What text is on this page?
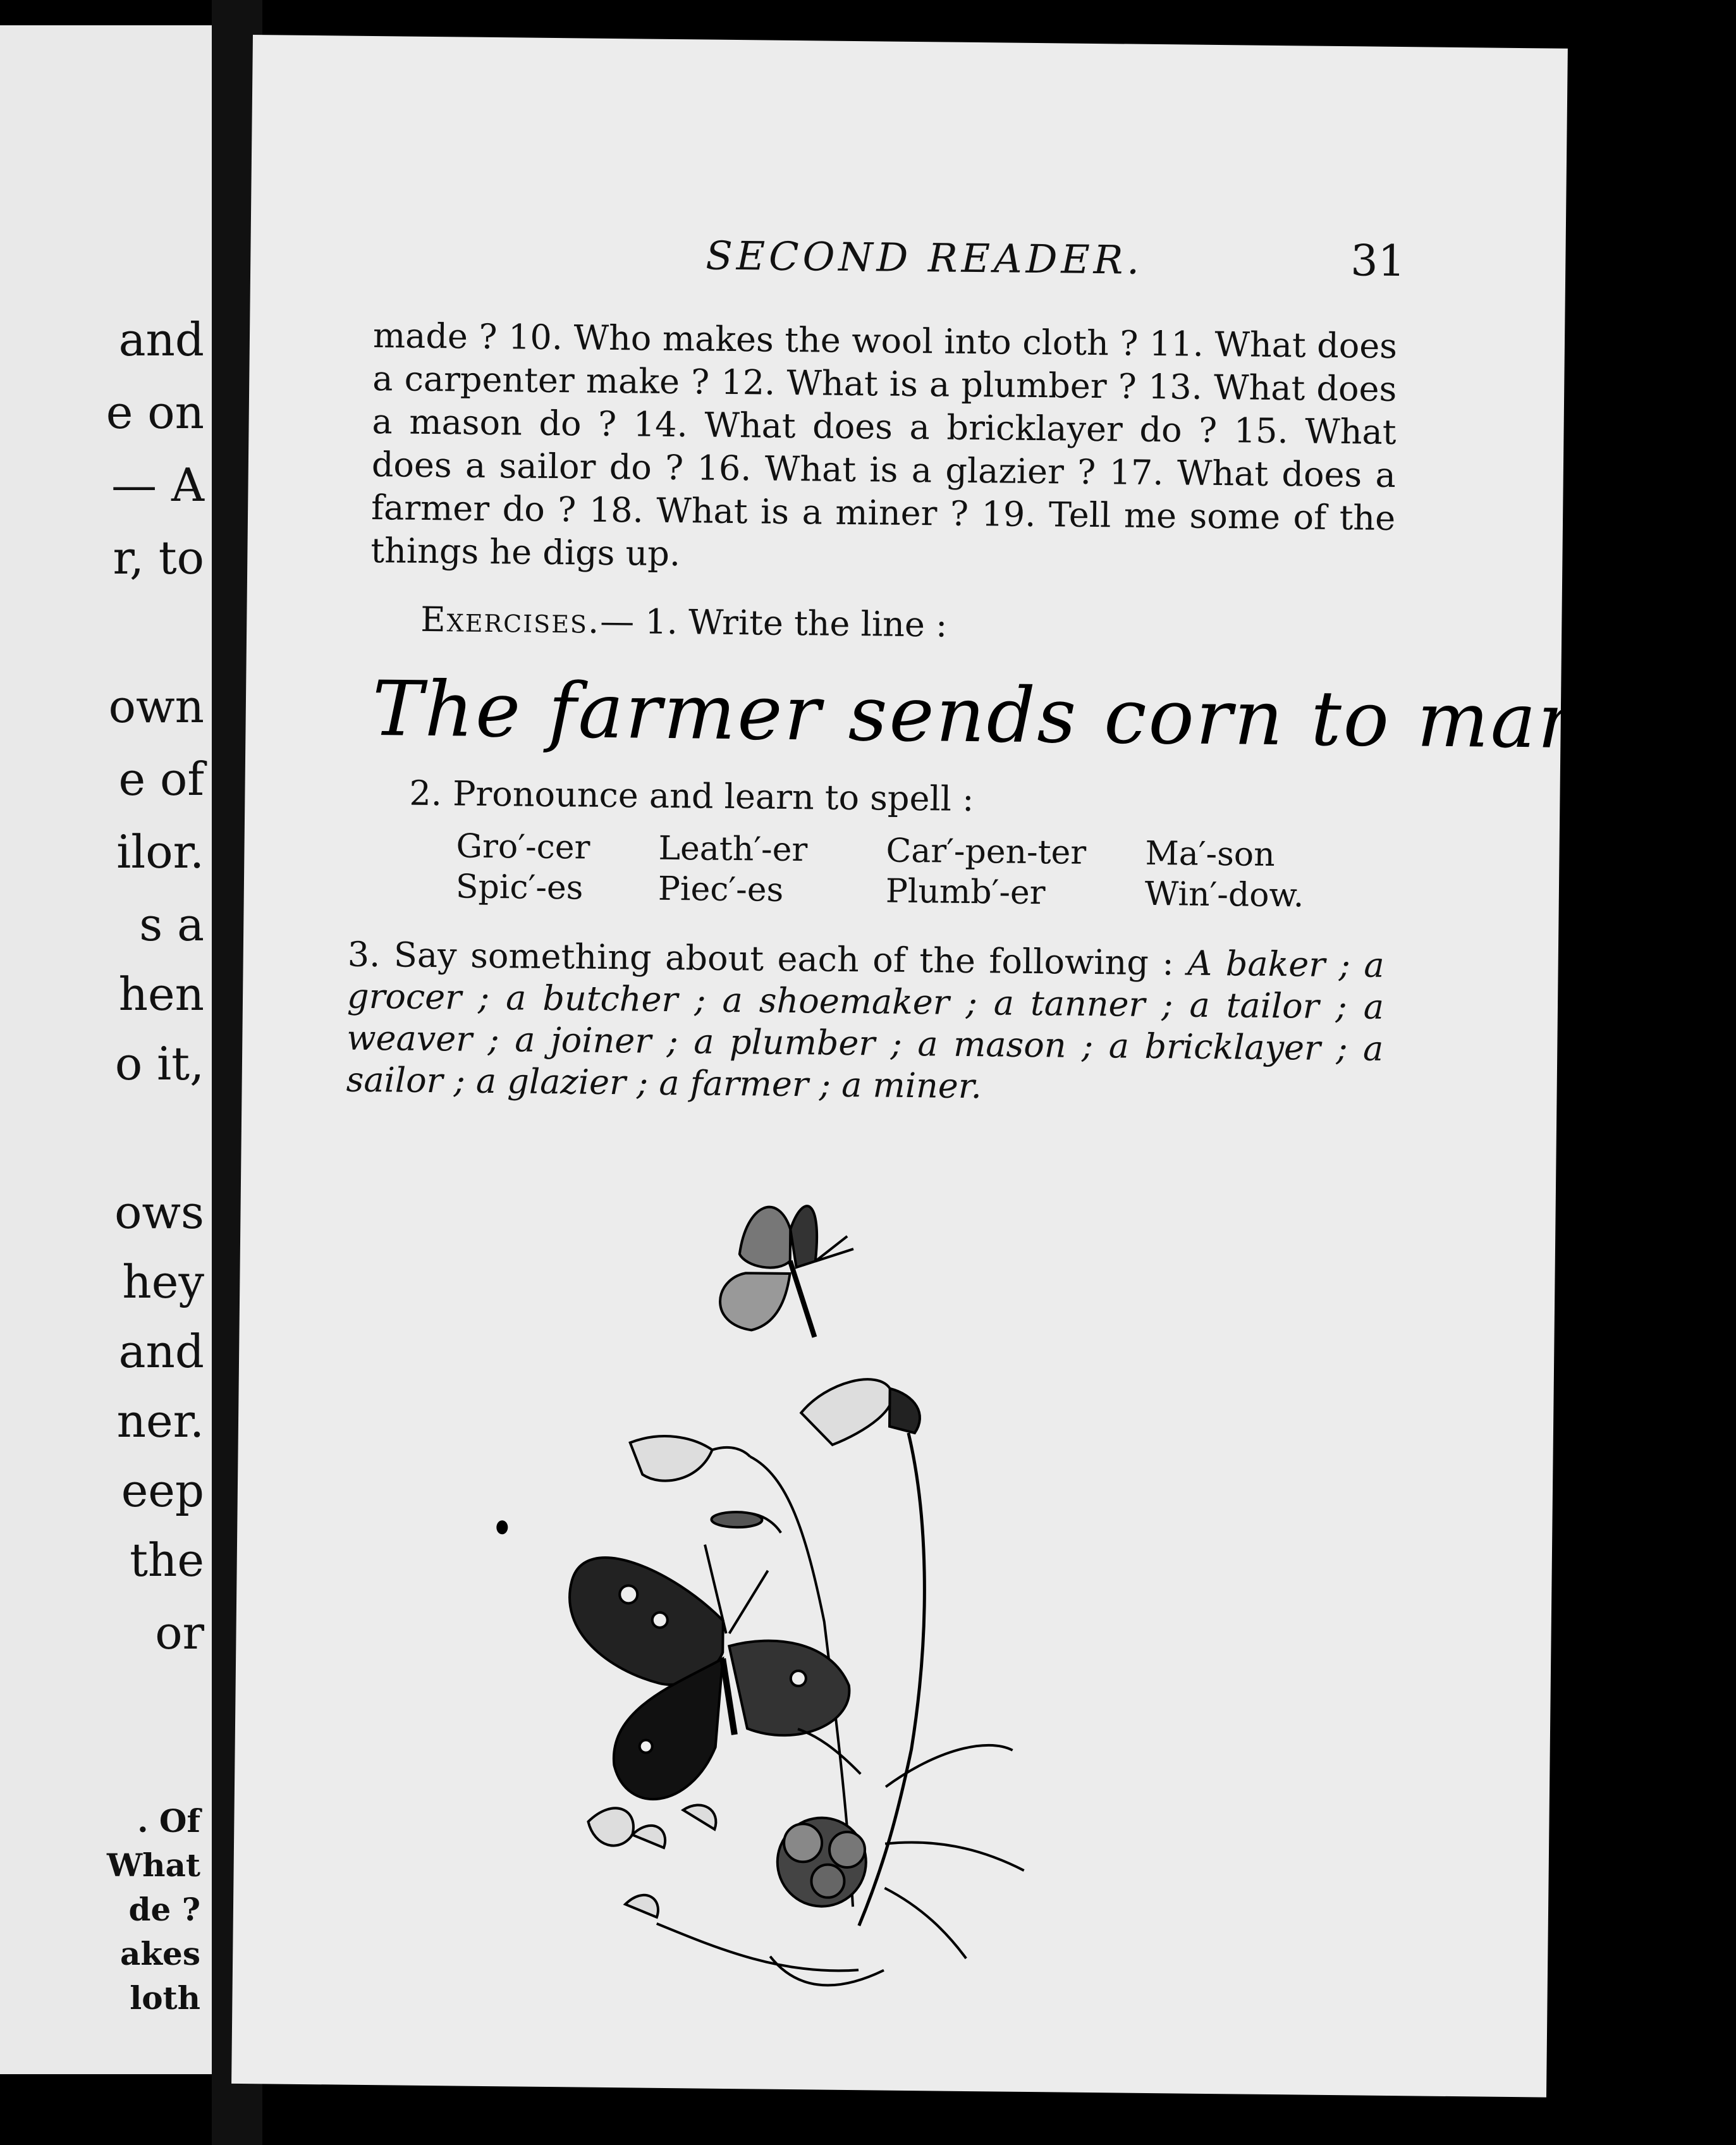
and
e on
— A
r, to
own
e of
ilor.
s a
hen
o it,
ows
hey
and
ner.
eep
the
or
. Of
What
de ?
akes
loth
SECOND READER.	31
made ? 10. Who makes the wool into cloth ? 11. What does a carpenter make ? 12. What is a plumber ? 13. What does a mason do ? 14. What does a bricklayer do ? 15. What does a sailor do ? 16. What is a glazier ? 17. What does a farmer do ? 18. What is a miner ? 19. Tell me some of the things he digs up.
Exercises.— 1. Write the line :
The farmer sends corn to market.
2. Pronounce and learn to spell :
Gro′-cer	Leath′-er	Car′-pen-ter	Ma′-son
Spic′-es	Piec′-es	Plumb′-er	Win′-dow.
3. Say something about each of the following : A baker ; a grocer ; a butcher ; a shoemaker ; a tanner ; a tailor ; a weaver ; a joiner ; a plumber ; a mason ; a bricklayer ; a sailor ; a glazier ; a farmer ; a miner.
